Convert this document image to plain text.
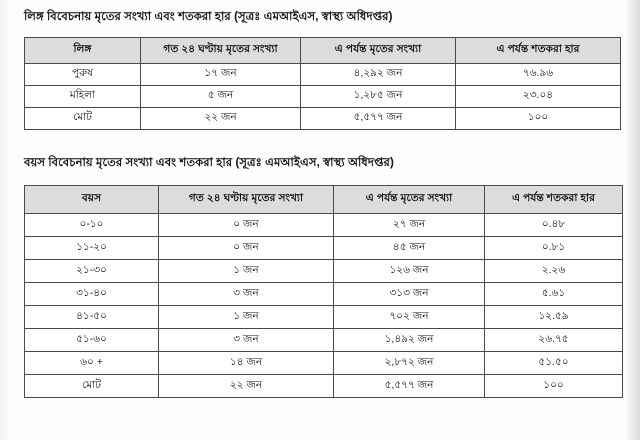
লিঙ্গ বিবেচনায় মৃতের সংখ্যা এবং শতকরা হার (সূত্রঃ এমআইএস, স্বাস্থ্য অধিদপ্তর)
লিঙ্গ	গত ২৪ ঘণ্টায় মৃতের সংখ্যা	এ পর্যন্ত মৃতের সংখ্যা	এ পর্যন্ত শতকরা হার
পুরুষ	১৭ জন	৪,২৯২ জন	৭৬.৯৬
মহিলা	৫ জন	১,২৮৫ জন	২৩.০৪
মোট	২২ জন	৫,৫৭৭ জন	১০০
বয়স বিবেচনায় মৃতের সংখ্যা এবং শতকরা হার (সূত্রঃ এমআইএস, স্বাস্থ্য অধিদপ্তর)
বয়স	গত ২৪ ঘণ্টায় মৃতের সংখ্যা	এ পর্যন্ত মৃতের সংখ্যা	এ পর্যন্ত শতকরা হার
০-১০	০ জন	২৭ জন	০.৪৮
১১-২০	০ জন	৪৫ জন	০.৮১
২১-৩০	১ জন	১২৬ জন	২.২৬
৩১-৪০	৩ জন	৩১৩ জন	৫.৬১
৪১-৫০	১ জন	৭০২ জন	১২.৫৯
৫১-৬০	৩ জন	১,৪৯২ জন	২৬.৭৫
৬০ +	১৪ জন	২,৮৭২ জন	৫১.৫০
মোট	২২ জন	৫,৫৭৭ জন	১০০
